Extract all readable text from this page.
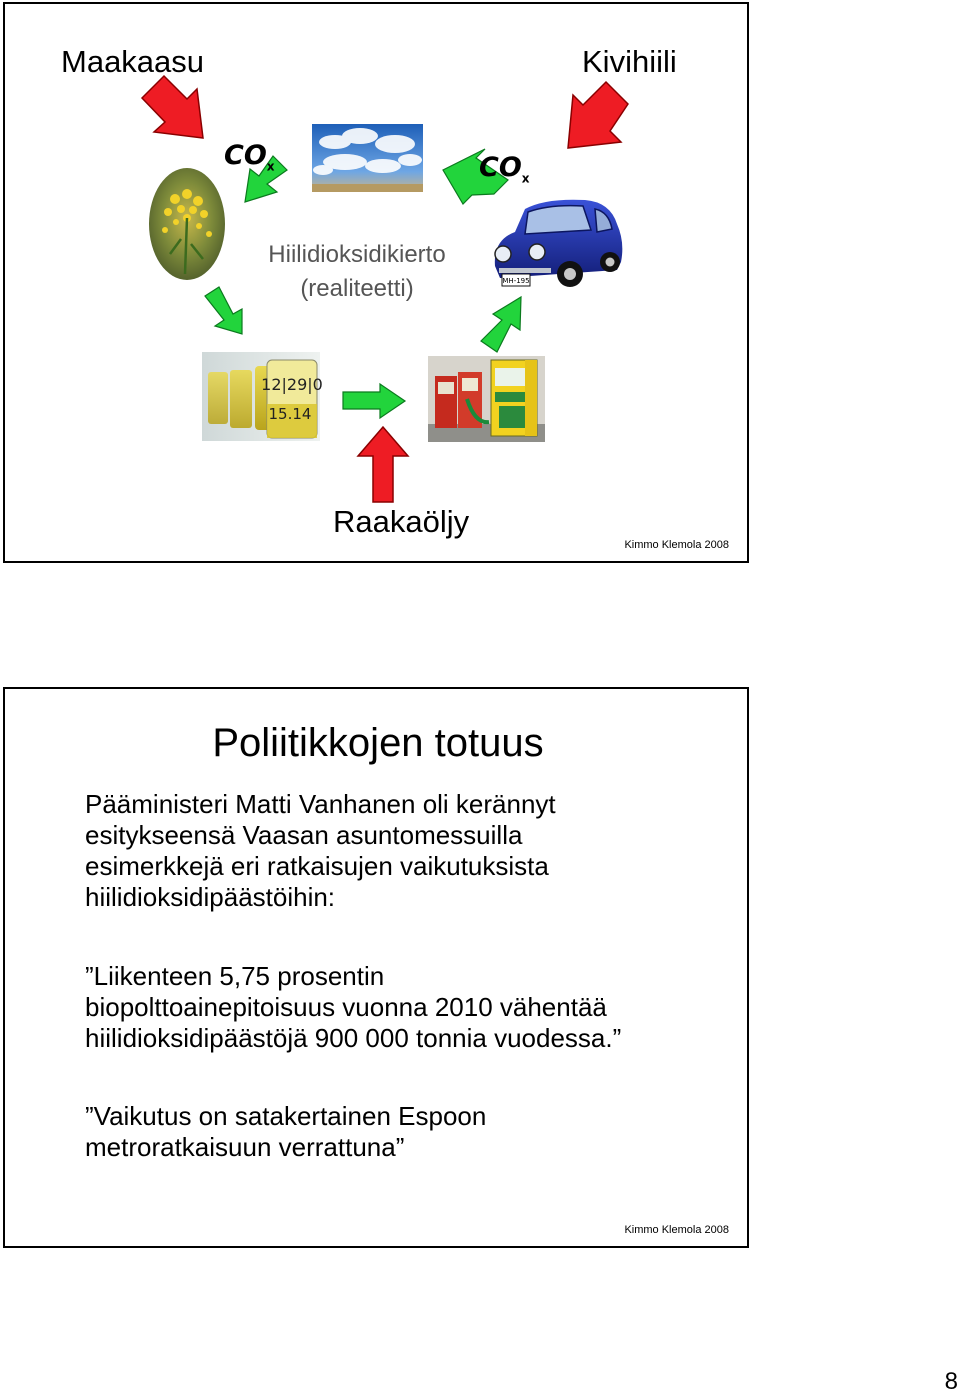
MH-195
12|29|0
15.14
Maakaasu	Kivihiili
Raakaöljy
$CO_x$	$CO_x$
Hiilidioksidikierto
(realiteetti)
Kimmo Klemola 2008
Poliitikkojen totuus
Pääministeri Matti Vanhanen oli kerännyt
esitykseensä Vaasan asuntomessuilla
esimerkkejä eri ratkaisujen vaikutuksista
hiilidioksidipäästöihin:
”Liikenteen 5,75 prosentin
biopolttoainepitoisuus vuonna 2010 vähentää
hiilidioksidipäästöjä 900 000 tonnia vuodessa.”
”Vaikutus on satakertainen Espoon
metroratkaisuun verrattuna”
Kimmo Klemola 2008
8
